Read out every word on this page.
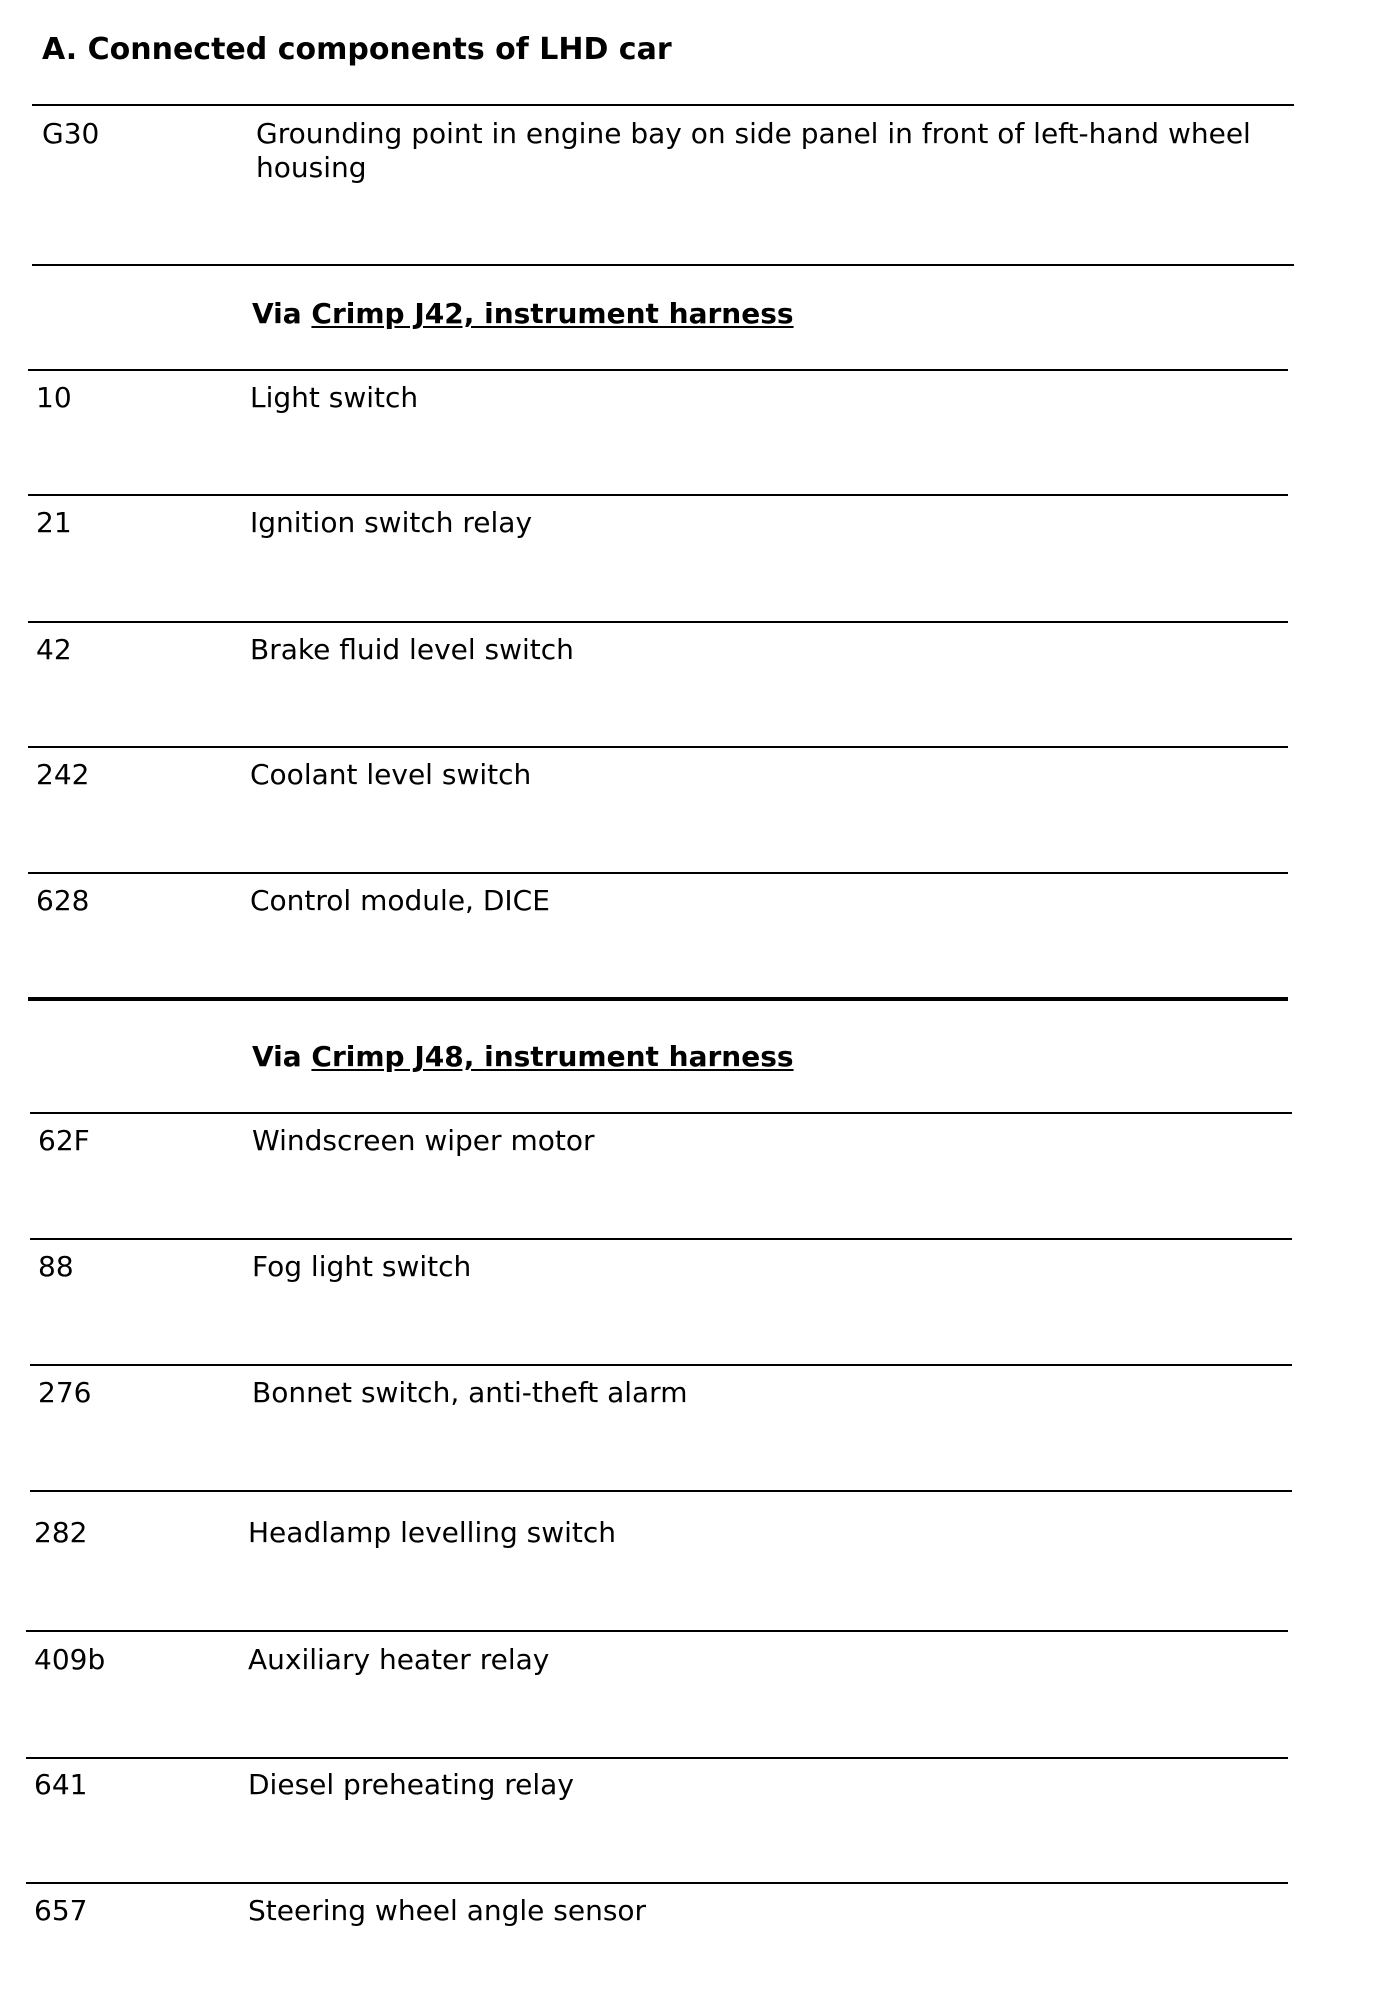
A. Connected components of LHD car
G30	Grounding point in engine bay on side panel in front of left-hand wheel housing
Via Crimp J42, instrument harness
10	Light switch
21	Ignition switch relay
42	Brake fluid level switch
242	Coolant level switch
628	Control module, DICE
Via Crimp J48, instrument harness
62F	Windscreen wiper motor
88	Fog light switch
276	Bonnet switch, anti-theft alarm
282	Headlamp levelling switch
409b	Auxiliary heater relay
641	Diesel preheating relay
657	Steering wheel angle sensor
